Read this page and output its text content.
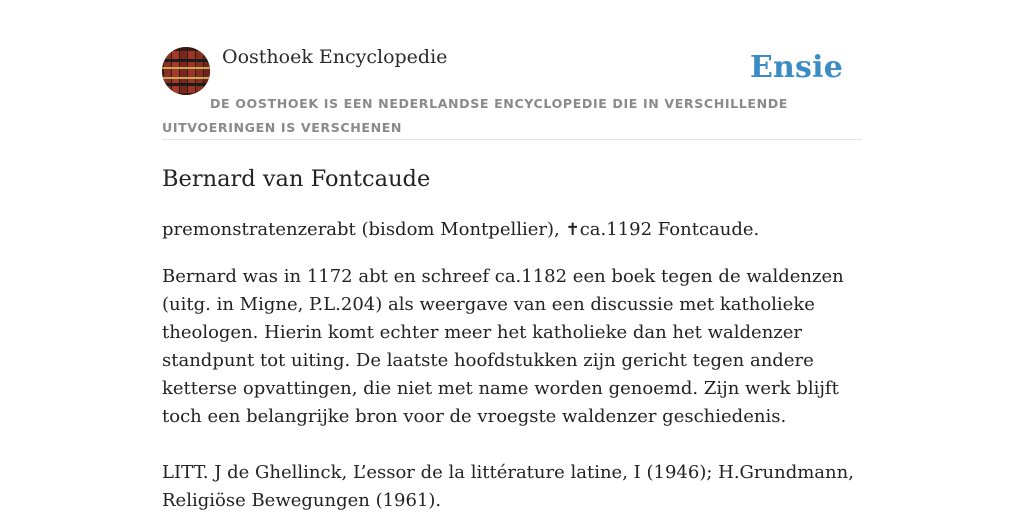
Oosthoek Encyclopedie	Ensie
DE OOSTHOEK IS EEN NEDERLANDSE ENCYCLOPEDIE DIE IN VERSCHILLENDE UITVOERINGEN IS VERSCHENEN
Bernard van Fontcaude

premonstratenzerabt (bisdom Montpellier), ✝ca.1192 Fontcaude.

Bernard was in 1172 abt en schreef ca.1182 een boek tegen de waldenzen (uitg. in Migne, P.L.204) als weergave van een discussie met katholieke theologen. Hierin komt echter meer het katholieke dan het waldenzer standpunt tot uiting. De laatste hoofdstukken zijn gericht tegen andere ketterse opvattingen, die niet met name worden genoemd. Zijn werk blijft toch een belangrijke bron voor de vroegste waldenzer geschiedenis.

LITT. J de Ghellinck, L’essor de la littérature latine, I (1946); H.Grundmann, Religiöse Bewegungen (1961).
